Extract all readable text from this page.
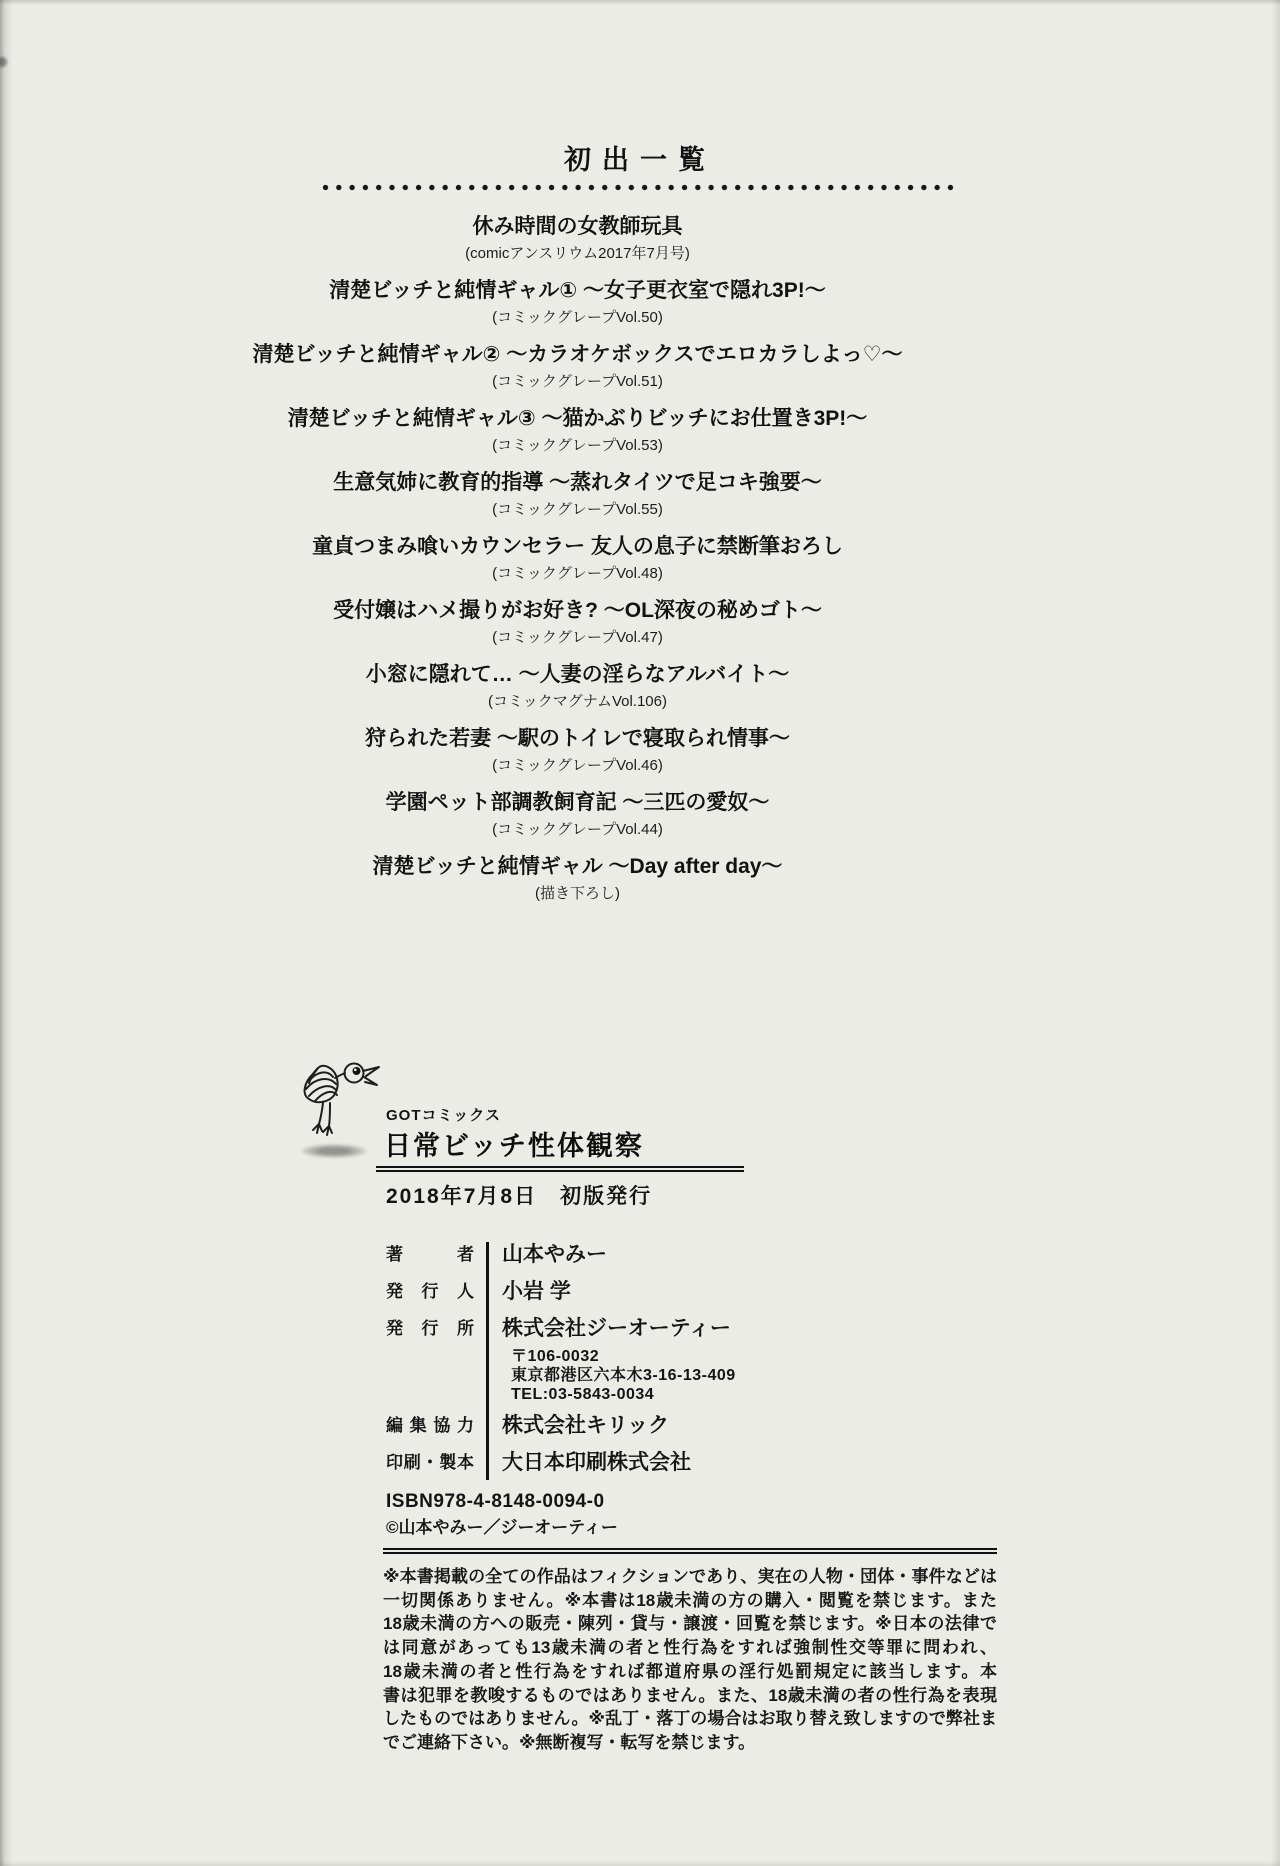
初出一覧
休み時間の女教師玩具
(comicアンスリウム2017年7月号)
清楚ビッチと純情ギャル① ～女子更衣室で隠れ3P!～
(コミックグレープVol.50)
清楚ビッチと純情ギャル② ～カラオケボックスでエロカラしよっ♡～
(コミックグレープVol.51)
清楚ビッチと純情ギャル③ ～猫かぶりビッチにお仕置き3P!～
(コミックグレープVol.53)
生意気姉に教育的指導 ～蒸れタイツで足コキ強要～
(コミックグレープVol.55)
童貞つまみ喰いカウンセラー 友人の息子に禁断筆おろし
(コミックグレープVol.48)
受付嬢はハメ撮りがお好き? ～OL深夜の秘めゴト～
(コミックグレープVol.47)
小窓に隠れて… ～人妻の淫らなアルバイト～
(コミックマグナムVol.106)
狩られた若妻 ～駅のトイレで寝取られ情事～
(コミックグレープVol.46)
学園ペット部調教飼育記 ～三匹の愛奴～
(コミックグレープVol.44)
清楚ビッチと純情ギャル ～Day after day～
(描き下ろし)
GOTコミックス
日常ビッチ性体観察
2018年7月8日　初版発行
著者	山本やみー
発行人	小岩 学
発行所 株式会社ジーオーティー
〒106-0032
東京都港区六本木3-16-13-409
TEL:03-5843-0034
編集協力	株式会社キリック
印刷・製本	大日本印刷株式会社
ISBN978-4-8148-0094-0
©山本やみー／ジーオーティー
※本書掲載の全ての作品はフィクションであり、実在の人物・団体・事件などは
一切関係ありません。※本書は18歳未満の方の購入・閲覧を禁じます。また
18歳未満の方への販売・陳列・貸与・譲渡・回覧を禁じます。※日本の法律で
は同意があっても13歳未満の者と性行為をすれば強制性交等罪に問われ、
18歳未満の者と性行為をすれば都道府県の淫行処罰規定に該当します。本
書は犯罪を教唆するものではありません。また、18歳未満の者の性行為を表現
したものではありません。※乱丁・落丁の場合はお取り替え致しますので弊社ま
でご連絡下さい。※無断複写・転写を禁じます。
